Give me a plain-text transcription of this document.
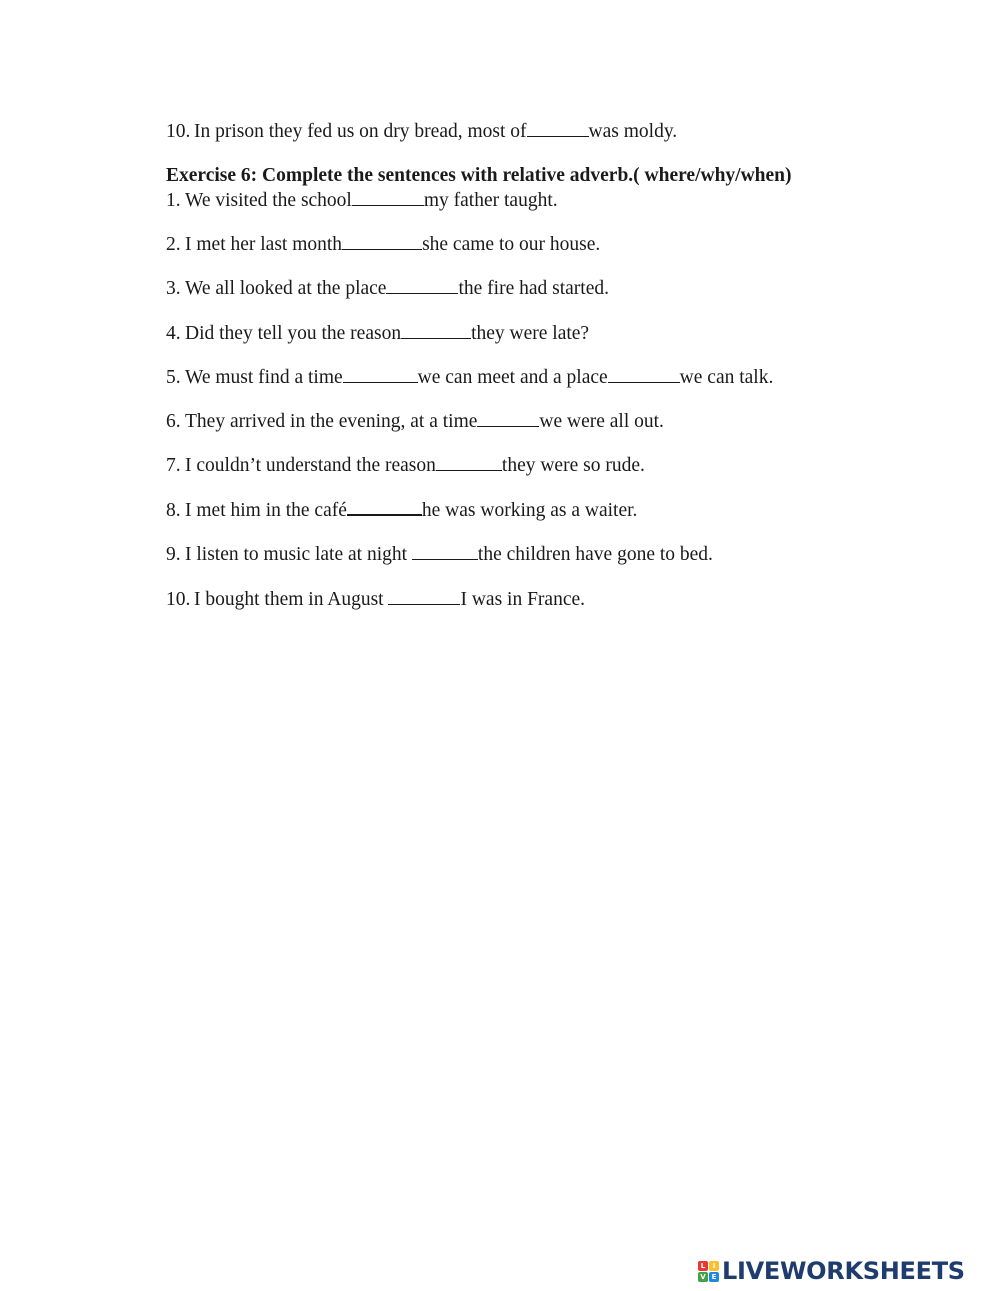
10. In prison they fed us on dry bread, most of	was moldy.
Exercise 6: Complete the sentences with relative adverb.( where/why/when)
1. We visited the school	my father taught.
2. I met her last month	she came to our house.
3. We all looked at the place	the fire had started.
4. Did they tell you the reason	they were late?
5. We must find a time	we can meet and a place	we can talk.
6. They arrived in the evening, at a time	we were all out.
7. I couldn’t understand the reason	they were so rude.
8. I met him in the café	he was working as a waiter.
9. I listen to music late at night	the children have gone to bed.
10. I bought them in August	I was in France.
L	I
V E LIVEWORKSHEETS
